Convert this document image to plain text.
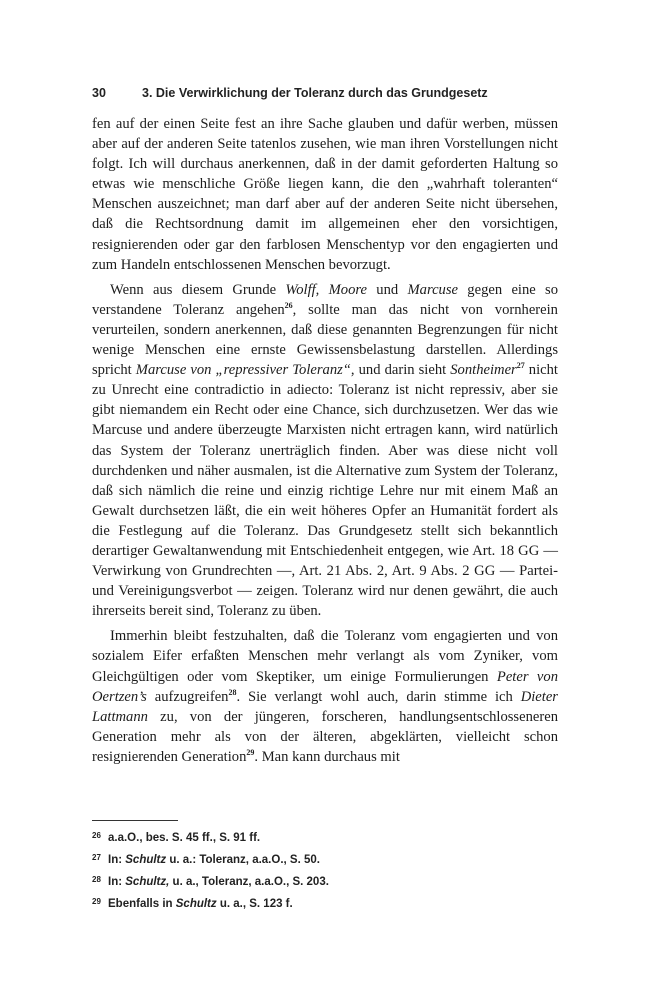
30	3. Die Verwirklichung der Toleranz durch das Grundgesetz

fen auf der einen Seite fest an ihre Sache glauben und dafür werben, müssen aber auf der anderen Seite tatenlos zusehen, wie man ihren Vorstellungen nicht folgt. Ich will durchaus anerkennen, daß in der damit geforderten Haltung so etwas wie menschliche Größe liegen kann, die den „wahrhaft toleranten“ Menschen auszeichnet; man darf aber auf der anderen Seite nicht übersehen, daß die Rechtsordnung damit im allgemeinen eher den vorsichtigen, resignierenden oder gar den farblosen Menschentyp vor den engagierten und zum Handeln entschlossenen Menschen bevorzugt.

Wenn aus diesem Grunde Wolff, Moore und Marcuse gegen eine so verstandene Toleranz angehen$^{26}$, sollte man das nicht von vornherein verurteilen, sondern anerkennen, daß diese genannten Begrenzungen für nicht wenige Menschen eine ernste Gewissensbelastung darstellen. Allerdings spricht Marcuse von „repressiver Toleranz“, und darin sieht Sontheimer$^{27}$ nicht zu Unrecht eine contradictio in adiecto: Toleranz ist nicht repressiv, aber sie gibt niemandem ein Recht oder eine Chance, sich durchzusetzen. Wer das wie Marcuse und andere überzeugte Marxisten nicht ertragen kann, wird natürlich das System der Toleranz unerträglich finden. Aber was diese nicht voll durchdenken und näher ausmalen, ist die Alternative zum System der Toleranz, daß sich nämlich die reine und einzig richtige Lehre nur mit einem Maß an Gewalt durchsetzen läßt, die ein weit höheres Opfer an Humanität fordert als die Festlegung auf die Toleranz. Das Grundgesetz stellt sich bekanntlich derartiger Gewaltanwendung mit Entschiedenheit entgegen, wie Art. 18 GG — Verwirkung von Grundrechten —, Art. 21 Abs. 2, Art. 9 Abs. 2 GG — Partei- und Vereinigungsverbot — zeigen. Toleranz wird nur denen gewährt, die auch ihrerseits bereit sind, Toleranz zu üben.

Immerhin bleibt festzuhalten, daß die Toleranz vom engagierten und von sozialem Eifer erfaßten Menschen mehr verlangt als vom Zyniker, vom Gleichgültigen oder vom Skeptiker, um einige Formulierungen Peter von Oertzen’s aufzugreifen$^{28}$. Sie verlangt wohl auch, darin stimme ich Dieter Lattmann zu, von der jüngeren, forscheren, handlungsentschlosseneren Generation mehr als von der älteren, abgeklärten, vielleicht schon resignierenden Generation$^{29}$. Man kann durchaus mit

26 a.a.O., bes. S. 45 ff., S. 91 ff.
27 In: Schultz u. a.: Toleranz, a.a.O., S. 50.
28 In: Schultz, u. a., Toleranz, a.a.O., S. 203.
29 Ebenfalls in Schultz u. a., S. 123 f.
